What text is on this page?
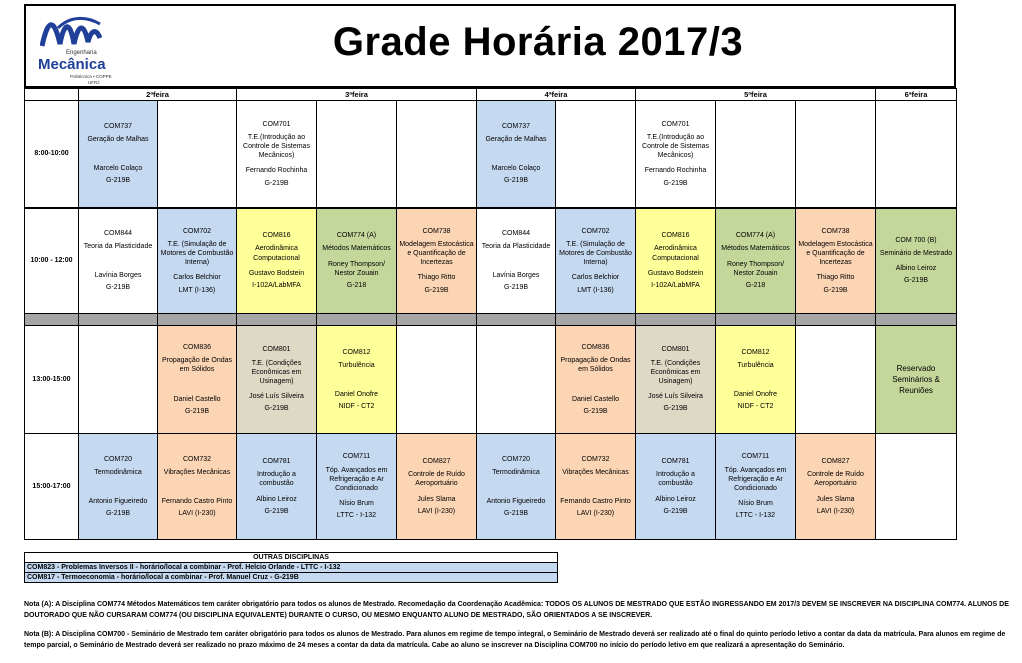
Engenharia
Mecânica
Politécnica • COPPE
UFRJ
Grade Horária 2017/3
	2ªfeira		3ªfeira			4ªfeira		5ªfeira			6ªfeira
8:00-10:00	COM737
Geração de Malhas
Marcelo Colaço
G-219B		COM701
T.E.(Introdução ao Controle de Sistemas Mecânicos)
Fernando Rochinha
G-219B			COM737
Geração de Malhas
Marcelo Colaço
G-219B		COM701
T.E.(Introdução ao Controle de Sistemas Mecânicos)
Fernando Rochinha
G-219B			

10:00 - 12:00	COM844
Teoria da Plasticidade
Lavínia Borges
G-219B	COM702
T.E. (Simulação de Motores de Combustão Interna)
Carlos Belchior
LMT (I-136)	COM816
Aerodinâmica Computacional
Gustavo Bodstein
I-102A/LabMFA	COM774 (A)
Métodos Matemáticos
Roney Thompson/ Nestor Zouain
G-218	COM738
Modelagem Estocástica e Quantificação de Incertezas
Thiago Ritto
G-219B	COM844
Teoria da Plasticidade
Lavínia Borges
G-219B	COM702
T.E. (Simulação de Motores de Combustão Interna)
Carlos Belchior
LMT (I-136)	COM816
Aerodinâmica Computacional
Gustavo Bodstein
I-102A/LabMFA	COM774 (A)
Métodos Matemáticos
Roney Thompson/ Nestor Zouain
G-218	COM738
Modelagem Estocástica e Quantificação de Incertezas
Thiago Ritto
G-219B	COM 700 (B)
Seminário de Mestrado
Albino Leiroz
G-219B

13:00-15:00		COM836
Propagação de Ondas em Sólidos
Daniel Castello
G-219B	COM801
T.E. (Condições Econômicas em Usinagem)
José Luís Silveira
G-219B	COM812
Turbulência
Daniel Onofre
NIDF - CT2			COM836
Propagação de Ondas em Sólidos
Daniel Castello
G-219B	COM801
T.E. (Condições Econômicas em Usinagem)
José Luís Silveira
G-219B	COM812
Turbulência
Daniel Onofre
NIDF - CT2		Reservado Seminários & Reuniões
15:00-17:00	COM720
Termodinâmica
Antonio Figueiredo
G-219B	COM732
Vibrações Mecânicas
Fernando Castro Pinto
LAVI (I-230)	COM781
Introdução a combustão
Albino Leiroz
G-219B	COM711
Tóp. Avançados em Refrigeração e Ar Condicionado
Nísio Brum
LTTC - I-132	COM827
Controle de Ruído Aeroportuário
Jules Slama
LAVI (I-230)	COM720
Termodinâmica
Antonio Figueiredo
G-219B	COM732
Vibrações Mecânicas
Fernando Castro Pinto
LAVI (I-230)	COM781
Introdução a combustão
Albino Leiroz
G-219B	COM711
Tóp. Avançados em Refrigeração e Ar Condicionado
Nísio Brum
LTTC - I-132	COM827
Controle de Ruído Aeroportuário
Jules Slama
LAVI (I-230)	

OUTRAS DISCIPLINAS
COM823 - Problemas Inversos II - horário/local a combinar - Prof. Helcio Orlande - LTTC - I-132
COM817 - Termoeconomia - horário/local a combinar - Prof. Manuel Cruz - G-219B

Nota (A): A Disciplina COM774 Métodos Matemáticos tem caráter obrigatório para todos os alunos de Mestrado. Recomedação da Coordenação Acadêmica: TODOS OS ALUNOS DE MESTRADO QUE ESTÃO INGRESSANDO EM 2017/3 DEVEM SE INSCREVER NA DISCIPLINA COM774. ALUNOS DE DOUTORADO QUE NÃO CURSARAM COM774 (OU DISCIPLINA EQUIVALENTE) DURANTE O CURSO, OU MESMO ENQUANTO ALUNO DE MESTRADO, SÃO ORIENTADOS A SE INSCREVER.

Nota (B): A Disciplina COM700 - Seminário de Mestrado tem caráter obrigatório para todos os alunos de Mestrado. Para alunos em regime de tempo integral, o Seminário de Mestrado deverá ser realizado até o final do quinto período letivo a contar da data da matrícula. Para alunos em regime de tempo parcial, o Seminário de Mestrado deverá ser realizado no prazo máximo de 24 meses a contar da data da matrícula. Cabe ao aluno se inscrever na Disciplina COM700 no início do período letivo em que realizará a apresentação do Seminário.
